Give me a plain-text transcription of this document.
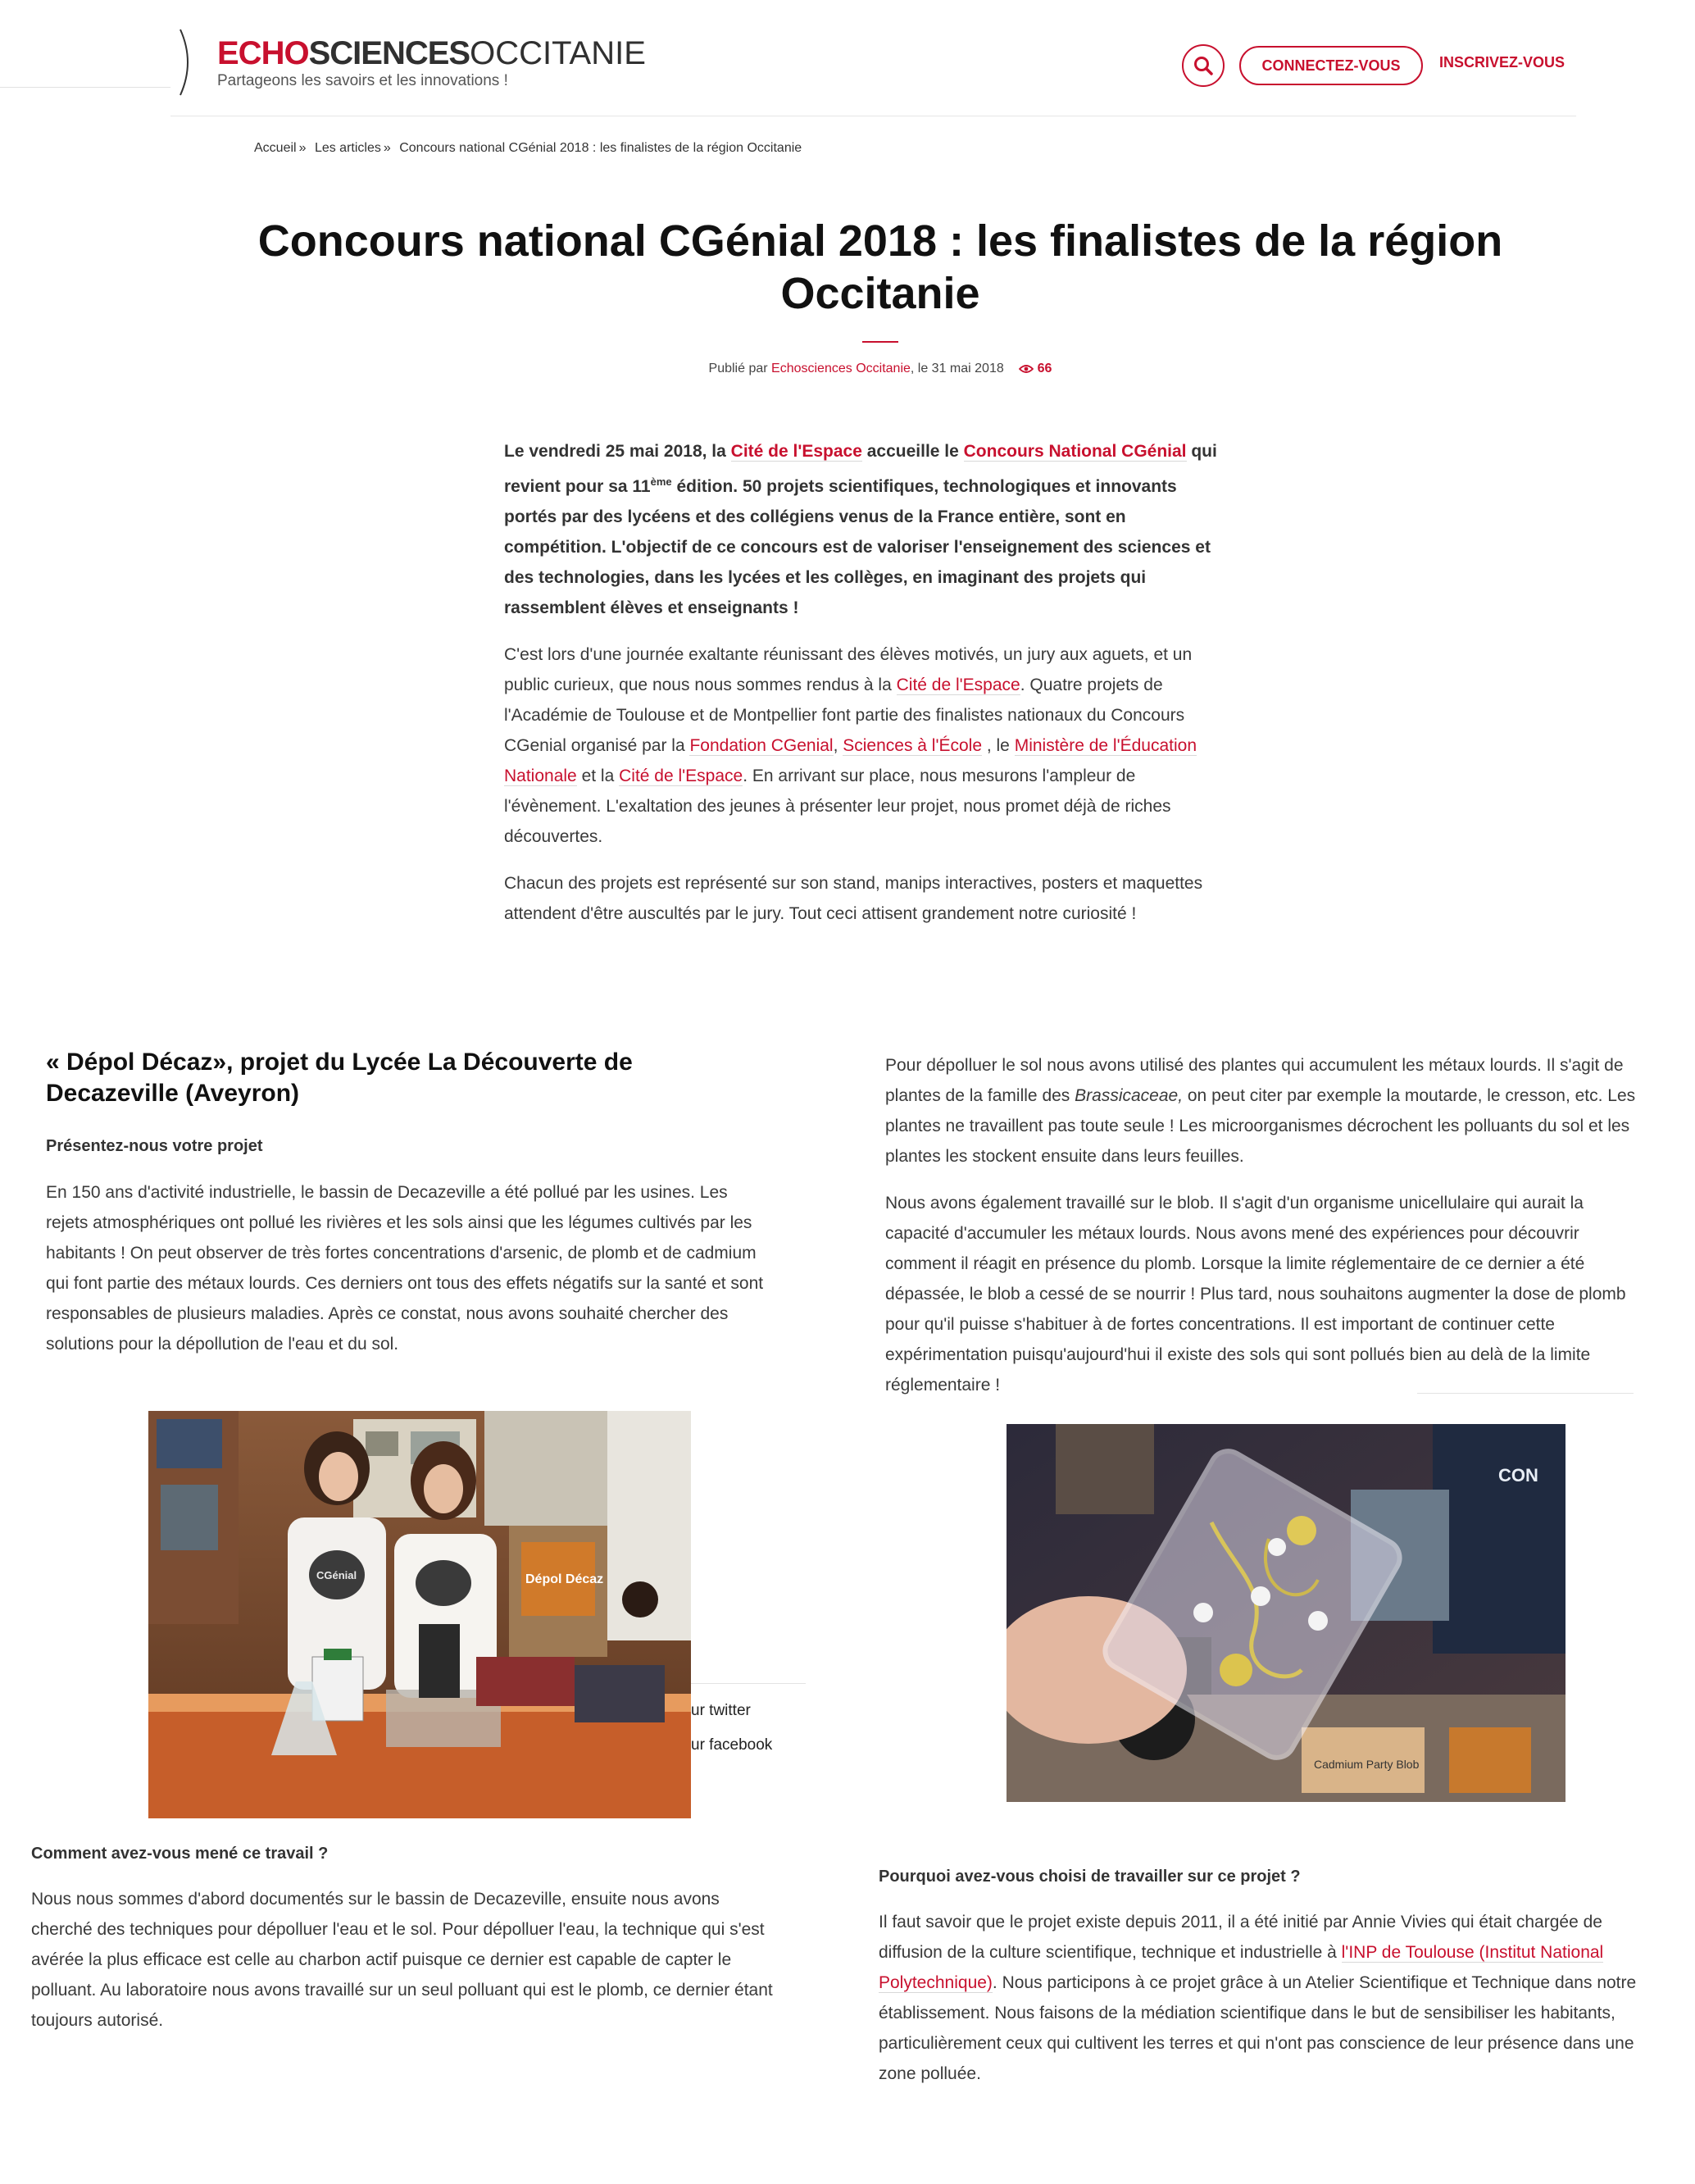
ECHOSCIENCESOCCITANIE
Partageons les savoirs et les innovations !
CONNECTEZ-VOUS	INSCRIVEZ-VOUS
Accueil » Les articles » Concours national CGénial 2018 : les finalistes de la région Occitanie
Concours national CGénial 2018 : les finalistes de la région Occitanie
Publié par Echosciences Occitanie, le 31 mai 2018	66

Le vendredi 25 mai 2018, la Cité de l'Espace accueille le Concours National CGénial qui revient pour sa 11ème édition. 50 projets scientifiques, technologiques et innovants portés par des lycéens et des collégiens venus de la France entière, sont en compétition. L'objectif de ce concours est de valoriser l'enseignement des sciences et des technologies, dans les lycées et les collèges, en imaginant des projets qui rassemblent élèves et enseignants !

C'est lors d'une journée exaltante réunissant des élèves motivés, un jury aux aguets, et un public curieux, que nous nous sommes rendus à la Cité de l'Espace. Quatre projets de l'Académie de Toulouse et de Montpellier font partie des finalistes nationaux du Concours CGenial organisé par la Fondation CGenial, Sciences à l'École , le Ministère de l'Éducation Nationale et la Cité de l'Espace. En arrivant sur place, nous mesurons l'ampleur de l'évènement. L'exaltation des jeunes à présenter leur projet, nous promet déjà de riches découvertes.

Chacun des projets est représenté sur son stand, manips interactives, posters et maquettes attendent d'être auscultés par le jury. Tout ceci attisent grandement notre curiosité !

« Dépol Décaz», projet du Lycée La Découverte de Decazeville (Aveyron)
Présentez-nous votre projet

En 150 ans d'activité industrielle, le bassin de Decazeville a été pollué par les usines. Les rejets atmosphériques ont pollué les rivières et les sols ainsi que les légumes cultivés par les habitants ! On peut observer de très fortes concentrations d'arsenic, de plomb et de cadmium qui font partie des métaux lourds. Ces derniers ont tous des effets négatifs sur la santé et sont responsables de plusieurs maladies. Après ce constat, nous avons souhaité chercher des solutions pour la dépollution de l'eau et du sol.

Pour dépolluer le sol nous avons utilisé des plantes qui accumulent les métaux lourds. Il s'agit de plantes de la famille des Brassicaceae, on peut citer par exemple la moutarde, le cresson, etc. Les plantes ne travaillent pas toute seule ! Les microorganismes décrochent les polluants du sol et les plantes les stockent ensuite dans leurs feuilles.

Nous avons également travaillé sur le blob. Il s'agit d'un organisme unicellulaire qui aurait la capacité d'accumuler les métaux lourds. Nous avons mené des expériences pour découvrir comment il réagit en présence du plomb. Lorsque la limite réglementaire de ce dernier a été dépassée, le blob a cessé de se nourrir ! Plus tard, nous souhaitons augmenter la dose de plomb pour qu'il puisse s'habituer à de fortes concentrations. Il est important de continuer cette expérimentation puisqu'aujourd'hui il existe des sols qui sont pollués bien au delà de la limite réglementaire !

Dépol Décaz
CGénial
ur twitter
ur facebook
CON
Cadmium Party Blob
Comment avez-vous mené ce travail ?

Nous nous sommes d'abord documentés sur le bassin de Decazeville, ensuite nous avons cherché des techniques pour dépolluer l'eau et le sol. Pour dépolluer l'eau, la technique qui s'est avérée la plus efficace est celle au charbon actif puisque ce dernier est capable de capter le polluant. Au laboratoire nous avons travaillé sur un seul polluant qui est le plomb, ce dernier étant toujours autorisé.

Pourquoi avez-vous choisi de travailler sur ce projet ?

Il faut savoir que le projet existe depuis 2011, il a été initié par Annie Vivies qui était chargée de diffusion de la culture scientifique, technique et industrielle à l'INP de Toulouse (Institut National Polytechnique). Nous participons à ce projet grâce à un Atelier Scientifique et Technique dans notre établissement. Nous faisons de la médiation scientifique dans le but de sensibiliser les habitants, particulièrement ceux qui cultivent les terres et qui n'ont pas conscience de leur présence dans une zone polluée.
